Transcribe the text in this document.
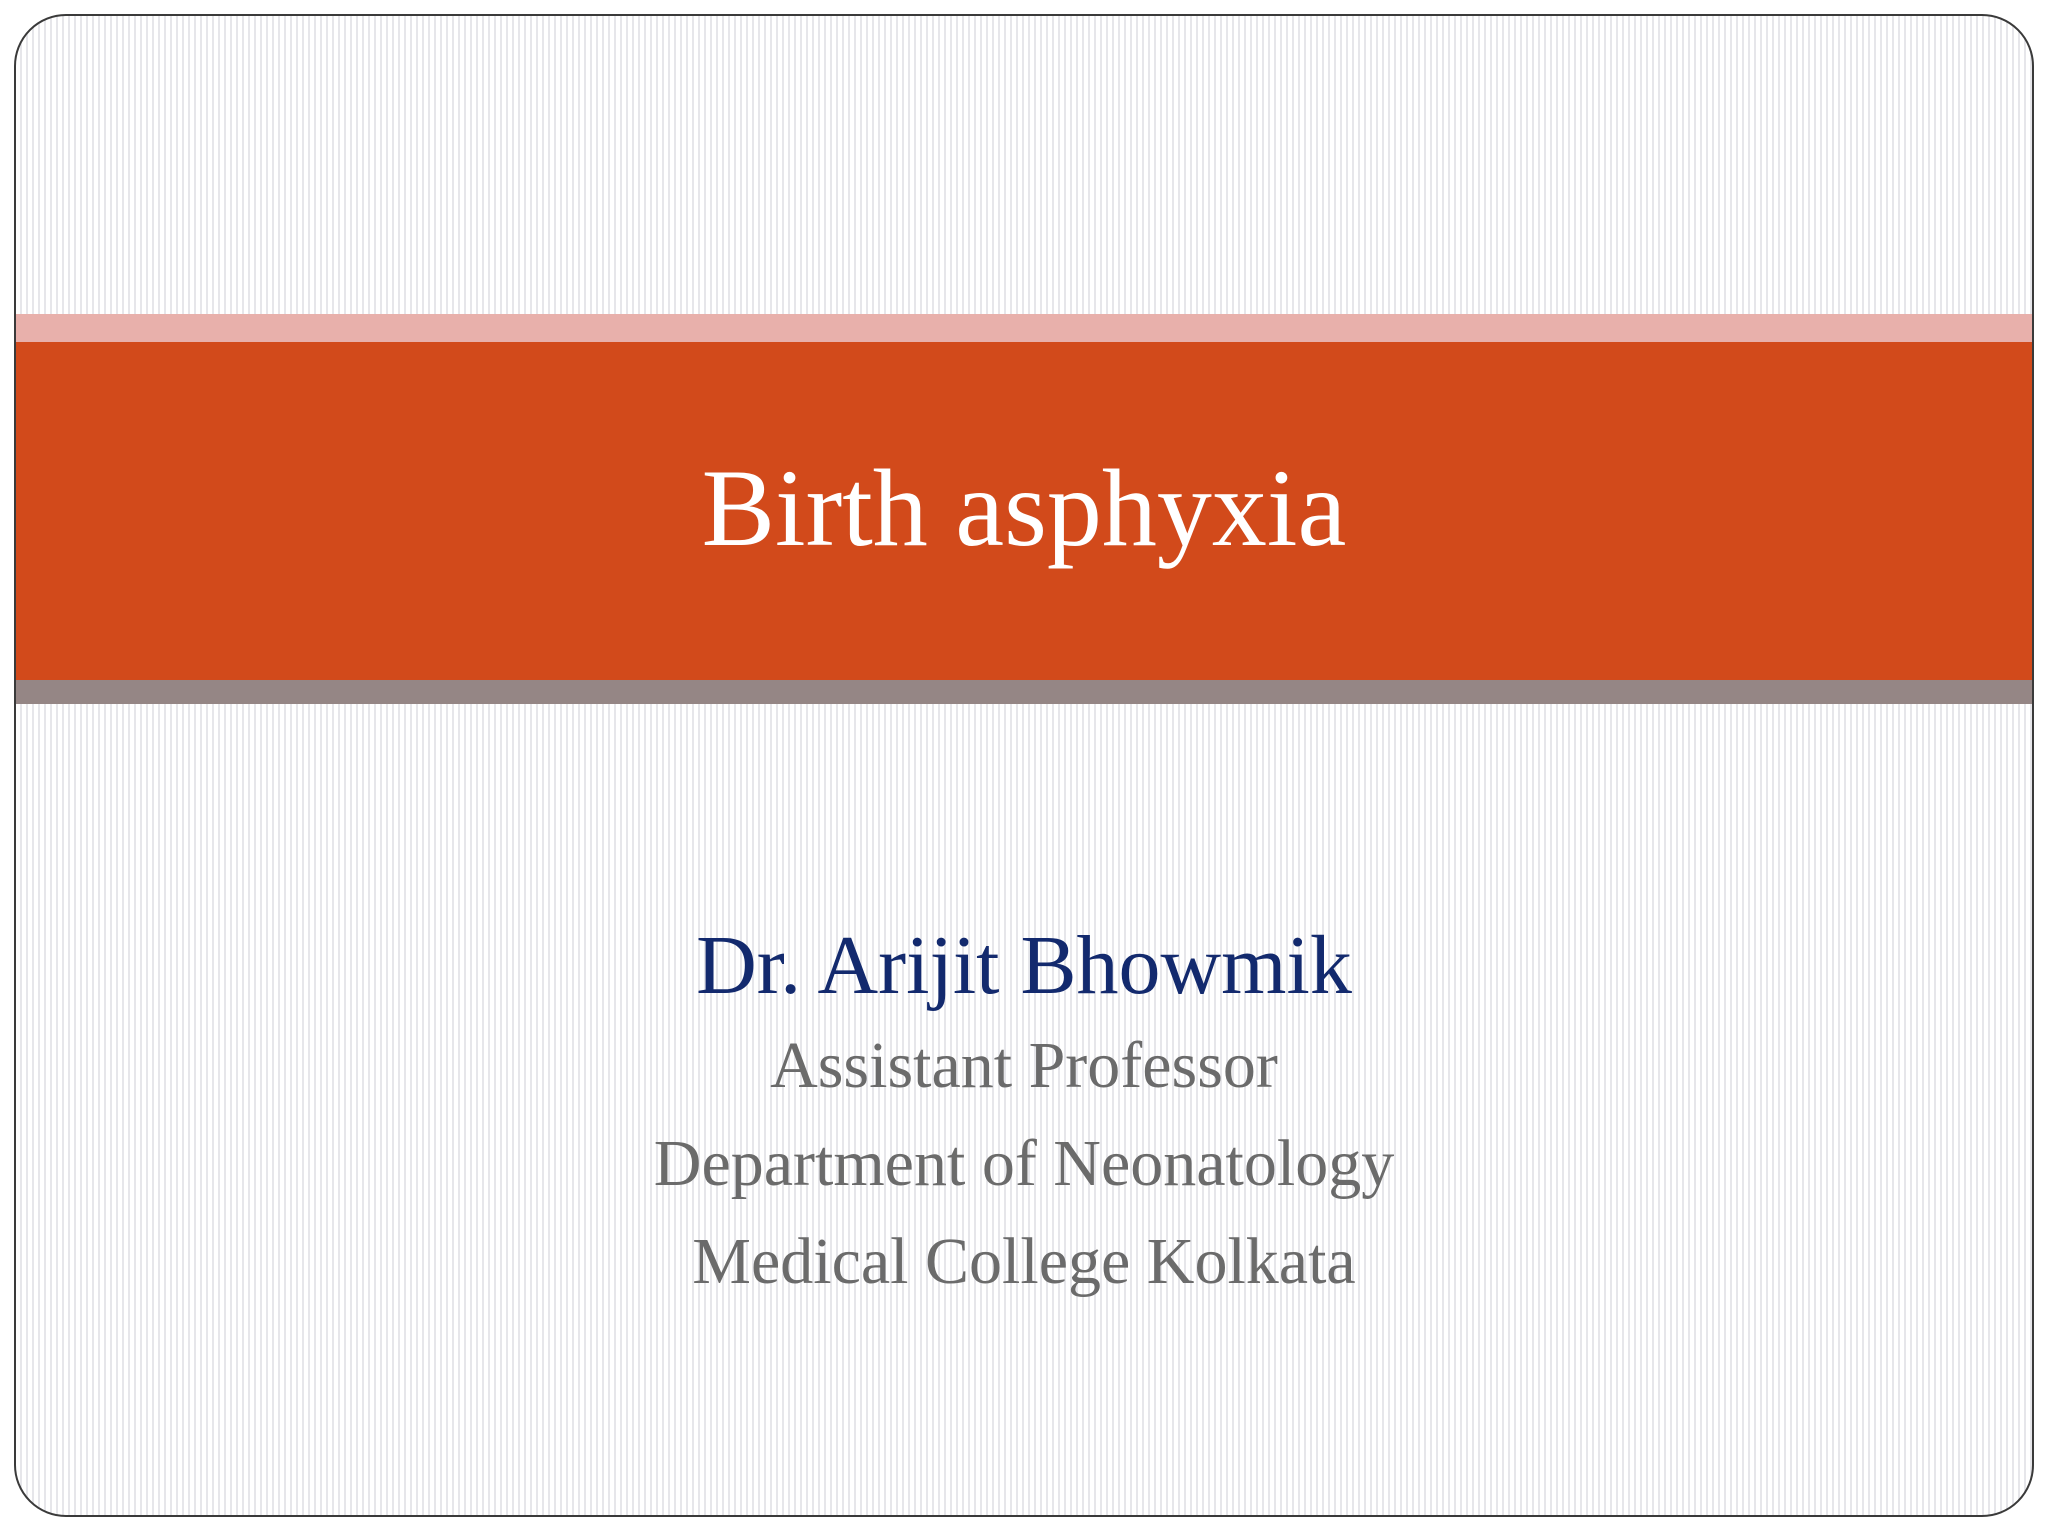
Birth asphyxia
Dr. Arijit Bhowmik
Assistant Professor
Department of Neonatology
Medical College Kolkata
